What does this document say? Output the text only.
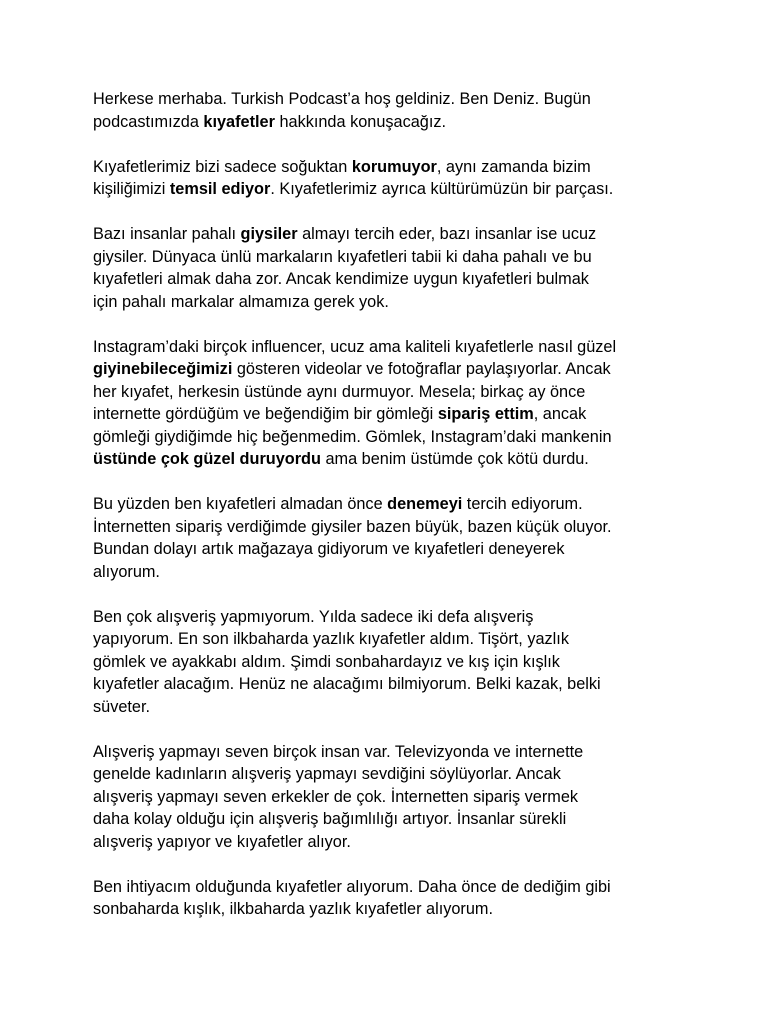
Herkese merhaba. Turkish Podcast’a hoş geldiniz. Ben Deniz. Bugün
podcastımızda kıyafetler hakkında konuşacağız.

Kıyafetlerimiz bizi sadece soğuktan korumuyor, aynı zamanda bizim
kişiliğimizi temsil ediyor. Kıyafetlerimiz ayrıca kültürümüzün bir parçası.

Bazı insanlar pahalı giysiler almayı tercih eder, bazı insanlar ise ucuz
giysiler. Dünyaca ünlü markaların kıyafetleri tabii ki daha pahalı ve bu
kıyafetleri almak daha zor. Ancak kendimize uygun kıyafetleri bulmak
için pahalı markalar almamıza gerek yok.

Instagram’daki birçok influencer, ucuz ama kaliteli kıyafetlerle nasıl güzel
giyinebileceğimizi gösteren videolar ve fotoğraflar paylaşıyorlar. Ancak
her kıyafet, herkesin üstünde aynı durmuyor. Mesela; birkaç ay önce
internette gördüğüm ve beğendiğim bir gömleği sipariş ettim, ancak
gömleği giydiğimde hiç beğenmedim. Gömlek, Instagram’daki mankenin
üstünde çok güzel duruyordu ama benim üstümde çok kötü durdu.

Bu yüzden ben kıyafetleri almadan önce denemeyi tercih ediyorum.
İnternetten sipariş verdiğimde giysiler bazen büyük, bazen küçük oluyor.
Bundan dolayı artık mağazaya gidiyorum ve kıyafetleri deneyerek
alıyorum.

Ben çok alışveriş yapmıyorum. Yılda sadece iki defa alışveriş
yapıyorum. En son ilkbaharda yazlık kıyafetler aldım. Tişört, yazlık
gömlek ve ayakkabı aldım. Şimdi sonbahardayız ve kış için kışlık
kıyafetler alacağım. Henüz ne alacağımı bilmiyorum. Belki kazak, belki
süveter.

Alışveriş yapmayı seven birçok insan var. Televizyonda ve internette
genelde kadınların alışveriş yapmayı sevdiğini söylüyorlar. Ancak
alışveriş yapmayı seven erkekler de çok. İnternetten sipariş vermek
daha kolay olduğu için alışveriş bağımlılığı artıyor. İnsanlar sürekli
alışveriş yapıyor ve kıyafetler alıyor.

Ben ihtiyacım olduğunda kıyafetler alıyorum. Daha önce de dediğim gibi
sonbaharda kışlık, ilkbaharda yazlık kıyafetler alıyorum.
